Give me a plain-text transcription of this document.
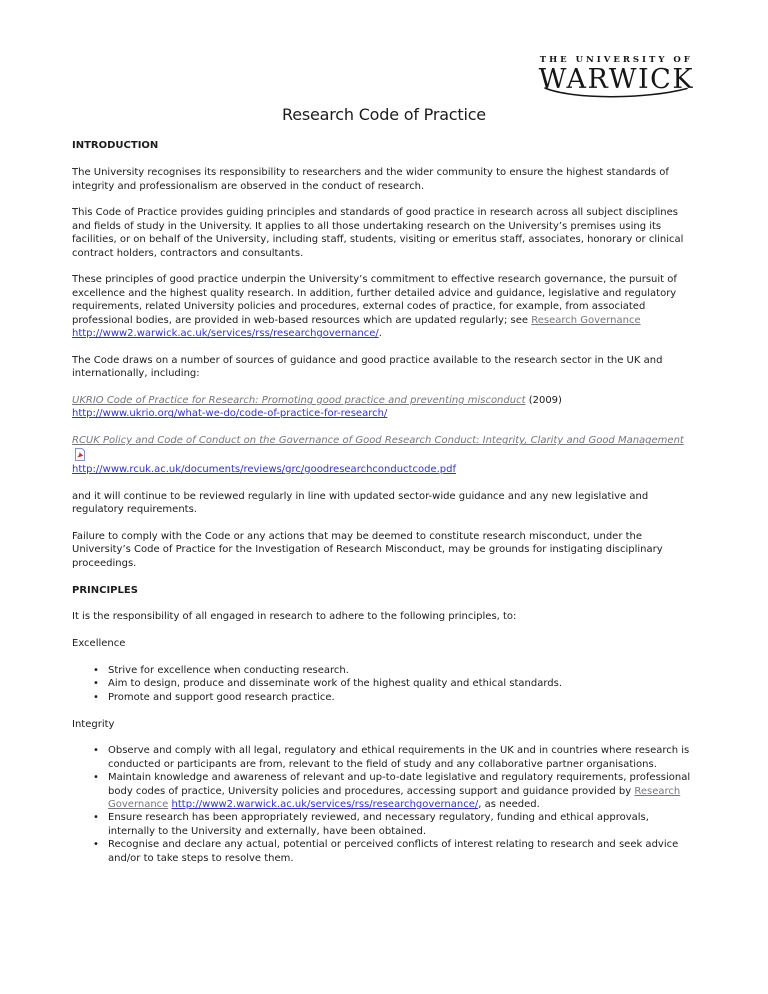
THE UNIVERSITY OF
WARWICK

Research Code of Practice

INTRODUCTION

The University recognises its responsibility to researchers and the wider community to ensure the highest standards of integrity and professionalism are observed in the conduct of research.

This Code of Practice provides guiding principles and standards of good practice in research across all subject disciplines and fields of study in the University. It applies to all those undertaking research on the University’s premises using its facilities, or on behalf of the University, including staff, students, visiting or emeritus staff, associates, honorary or clinical contract holders, contractors and consultants.

These principles of good practice underpin the University’s commitment to effective research governance, the pursuit of excellence and the highest quality research. In addition, further detailed advice and guidance, legislative and regulatory requirements, related University policies and procedures, external codes of practice, for example, from associated professional bodies, are provided in web-based resources which are updated regularly; see Research Governance
http://www2.warwick.ac.uk/services/rss/researchgovernance/.

The Code draws on a number of sources of guidance and good practice available to the research sector in the UK and internationally, including:

UKRIO Code of Practice for Research: Promoting good practice and preventing misconduct (2009)
http://www.ukrio.org/what-we-do/code-of-practice-for-research/

RCUK Policy and Code of Conduct on the Governance of Good Research Conduct: Integrity, Clarity and Good Management
http://www.rcuk.ac.uk/documents/reviews/grc/goodresearchconductcode.pdf

and it will continue to be reviewed regularly in line with updated sector-wide guidance and any new legislative and regulatory requirements.

Failure to comply with the Code or any actions that may be deemed to constitute research misconduct, under the University’s Code of Practice for the Investigation of Research Misconduct, may be grounds for instigating disciplinary proceedings.

PRINCIPLES

It is the responsibility of all engaged in research to adhere to the following principles, to:

Excellence

• Strive for excellence when conducting research.
• Aim to design, produce and disseminate work of the highest quality and ethical standards.
• Promote and support good research practice.

Integrity

• Observe and comply with all legal, regulatory and ethical requirements in the UK and in countries where research is conducted or participants are from, relevant to the field of study and any collaborative partner organisations.
• Maintain knowledge and awareness of relevant and up-to-date legislative and regulatory requirements, professional body codes of practice, University policies and procedures, accessing support and guidance provided by Research Governance http://www2.warwick.ac.uk/services/rss/researchgovernance/, as needed.
• Ensure research has been appropriately reviewed, and necessary regulatory, funding and ethical approvals, internally to the University and externally, have been obtained.
• Recognise and declare any actual, potential or perceived conflicts of interest relating to research and seek advice and/or to take steps to resolve them.
